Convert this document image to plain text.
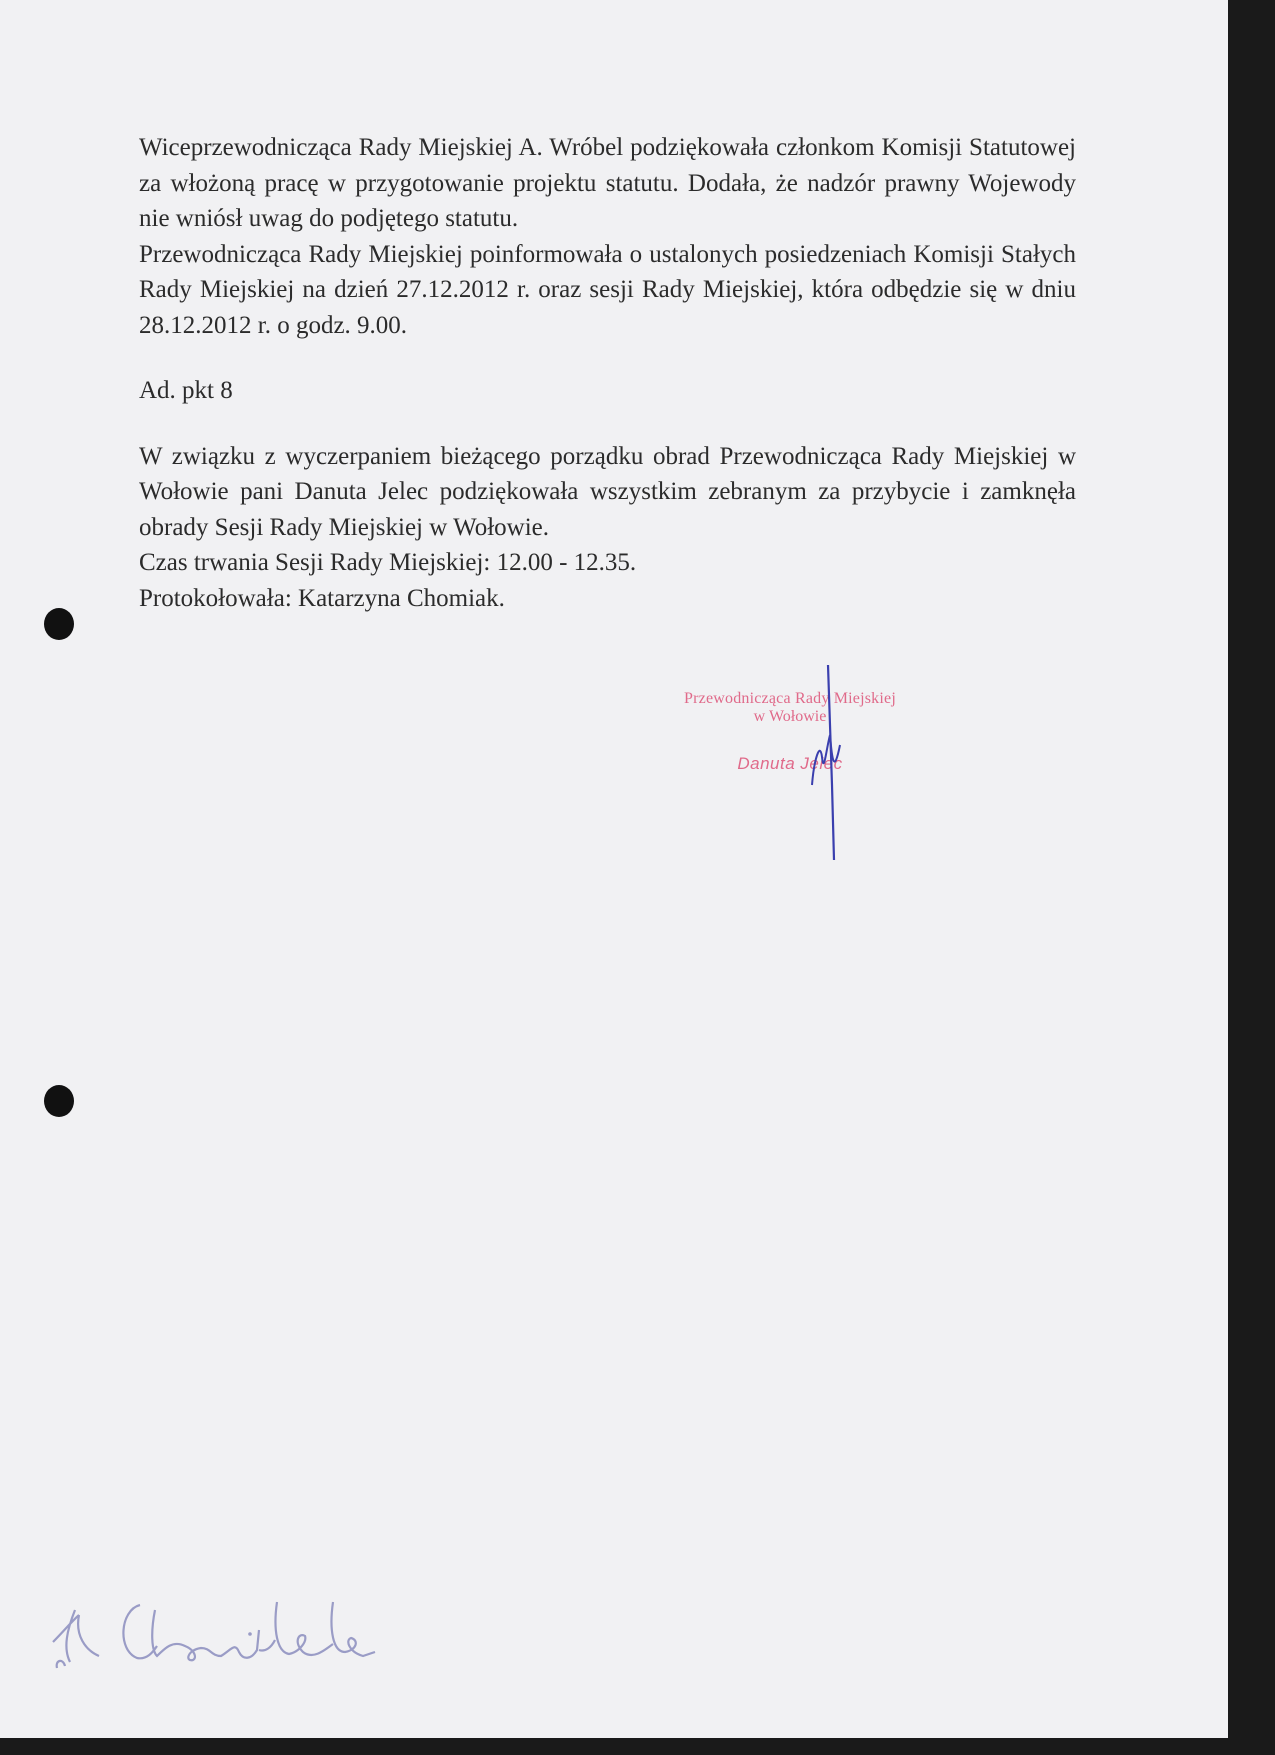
Wiceprzewodnicząca Rady Miejskiej A. Wróbel podziękowała członkom Komisji Statutowej za włożoną pracę w przygotowanie projektu statutu. Dodała, że nadzór prawny Wojewody nie wniósł uwag do podjętego statutu.

Przewodnicząca Rady Miejskiej poinformowała o ustalonych posiedzeniach Komisji Stałych Rady Miejskiej na dzień 27.12.2012 r. oraz sesji Rady Miejskiej, która odbędzie się w dniu 28.12.2012 r. o godz. 9.00.

Ad. pkt 8

W związku z wyczerpaniem bieżącego porządku obrad Przewodnicząca Rady Miejskiej w Wołowie pani Danuta Jelec podziękowała wszystkim zebranym za przybycie i zamknęła obrady Sesji Rady Miejskiej w Wołowie.

Czas trwania Sesji Rady Miejskiej: 12.00 - 12.35.

Protokołowała: Katarzyna Chomiak.

Przewodnicząca Rady Miejskiej
w Wołowie
Danuta Jelec
